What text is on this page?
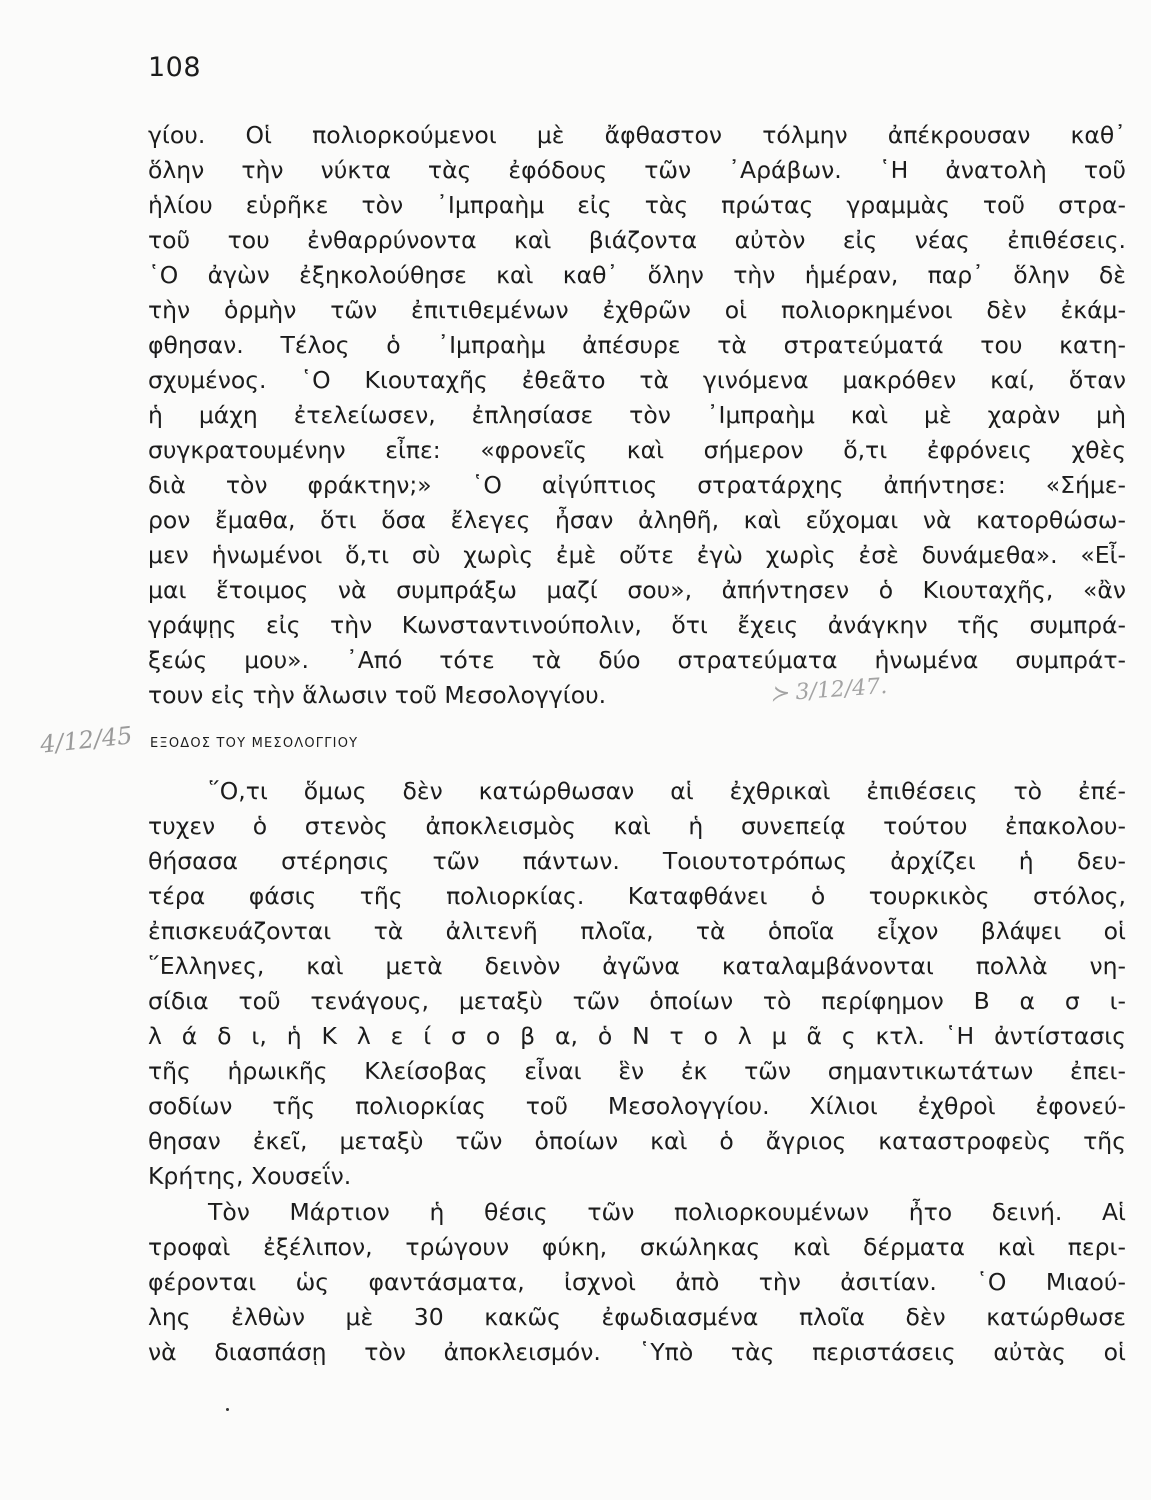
108
γίου. Οἱ πολιορκούμενοι μὲ ἄφθαστον τόλμην ἀπέκρουσαν καθ᾽
ὅλην τὴν νύκτα τὰς ἐφόδους τῶν ᾽Αράβων. ῾Η ἀνατολὴ τοῦ
ἡλίου εὑρῆκε τὸν ᾽Ιμπραὴμ εἰς τὰς πρώτας γραμμὰς τοῦ στρα-
τοῦ του ἐνθαρρύνοντα καὶ βιάζοντα αὐτὸν εἰς νέας ἐπιθέσεις.
῾Ο ἀγὼν ἐξηκολούθησε καὶ καθ᾽ ὅλην τὴν ἡμέραν, παρ᾽ ὅλην δὲ
τὴν ὁρμὴν τῶν ἐπιτιθεμένων ἐχθρῶν οἱ πολιορκημένοι δὲν ἐκάμ-
φθησαν. Τέλος ὁ ᾽Ιμπραὴμ ἀπέσυρε τὰ στρατεύματά του κατη-
σχυμένος. ῾Ο Κιουταχῆς ἐθεᾶτο τὰ γινόμενα μακρόθεν καί, ὅταν
ἡ μάχη ἐτελείωσεν, ἐπλησίασε τὸν ᾽Ιμπραὴμ καὶ μὲ χαρὰν μὴ
συγκρατουμένην εἶπε: «φρονεῖς καὶ σήμερον ὅ,τι ἐφρόνεις χθὲς
διὰ τὸν φράκτην;» ῾Ο αἰγύπτιος στρατάρχης ἀπήντησε: «Σήμε-
ρον ἔμαθα, ὅτι ὅσα ἔλεγες ἦσαν ἀληθῆ, καὶ εὔχομαι νὰ κατορθώσω-
μεν ἡνωμένοι ὅ,τι σὺ χωρὶς ἐμὲ οὔτε ἐγὼ χωρὶς ἐσὲ δυνάμεθα». «Εἶ-
μαι ἕτοιμος νὰ συμπράξω μαζί σου», ἀπήντησεν ὁ Κιουταχῆς, «ἂν
γράψῃς εἰς τὴν Κωνσταντινούπολιν, ὅτι ἔχεις ἀνάγκην τῆς συμπρά-
ξεώς μου». ᾽Από τότε τὰ δύο στρατεύματα ἡνωμένα συμπράτ-
τουν εἰς τὴν ἅλωσιν τοῦ Μεσολογγίου.	≻ 3/12/47.
4/12/45 ΕΞΟΔΟΣ ΤΟΥ ΜΕΣΟΛΟΓΓΙΟΥ
῞Ο,τι ὅμως δὲν κατώρθωσαν αἱ ἐχθρικαὶ ἐπιθέσεις τὸ ἐπέ-
τυχεν ὁ στενὸς ἀποκλεισμὸς καὶ ἡ συνεπείᾳ τούτου ἐπακολου-
θήσασα στέρησις τῶν πάντων. Τοιουτοτρόπως ἀρχίζει ἡ δευ-
τέρα φάσις τῆς πολιορκίας. Καταφθάνει ὁ τουρκικὸς στόλος,
ἐπισκευάζονται τὰ ἀλιτενῆ πλοῖα, τὰ ὁποῖα εἶχον βλάψει οἱ
῞Ελληνες, καὶ μετὰ δεινὸν ἀγῶνα καταλαμβάνονται πολλὰ νη-
σίδια τοῦ τενάγους, μεταξὺ τῶν ὁποίων τὸ περίφημον Β α σ ι-
λ ά δ ι, ἡ Κ λ ε ί σ ο β α, ὁ Ν τ ο λ μ ᾶ ς κτλ. ῾Η ἀντίστασις
τῆς ἡρωικῆς Κλείσοβας εἶναι ἓν ἐκ τῶν σημαντικωτάτων ἐπει-
σοδίων τῆς πολιορκίας τοῦ Μεσολογγίου. Χίλιοι ἐχθροὶ ἐφονεύ-
θησαν ἐκεῖ, μεταξὺ τῶν ὁποίων καὶ ὁ ἄγριος καταστροφεὺς τῆς
Κρήτης, Χουσεΐν.
Τὸν Μάρτιον ἡ θέσις τῶν πολιορκουμένων ἦτο δεινή. Αἱ
τροφαὶ ἐξέλιπον, τρώγουν φύκη, σκώληκας καὶ δέρματα καὶ περι-
φέρονται ὡς φαντάσματα, ἰσχνοὶ ἀπὸ τὴν ἀσιτίαν. ῾Ο Μιαού-
λης ἐλθὼν μὲ 30 κακῶς ἐφωδιασμένα πλοῖα δὲν κατώρθωσε
νὰ διασπάσῃ τὸν ἀποκλεισμόν. ῾Υπὸ τὰς περιστάσεις αὐτὰς οἱ
